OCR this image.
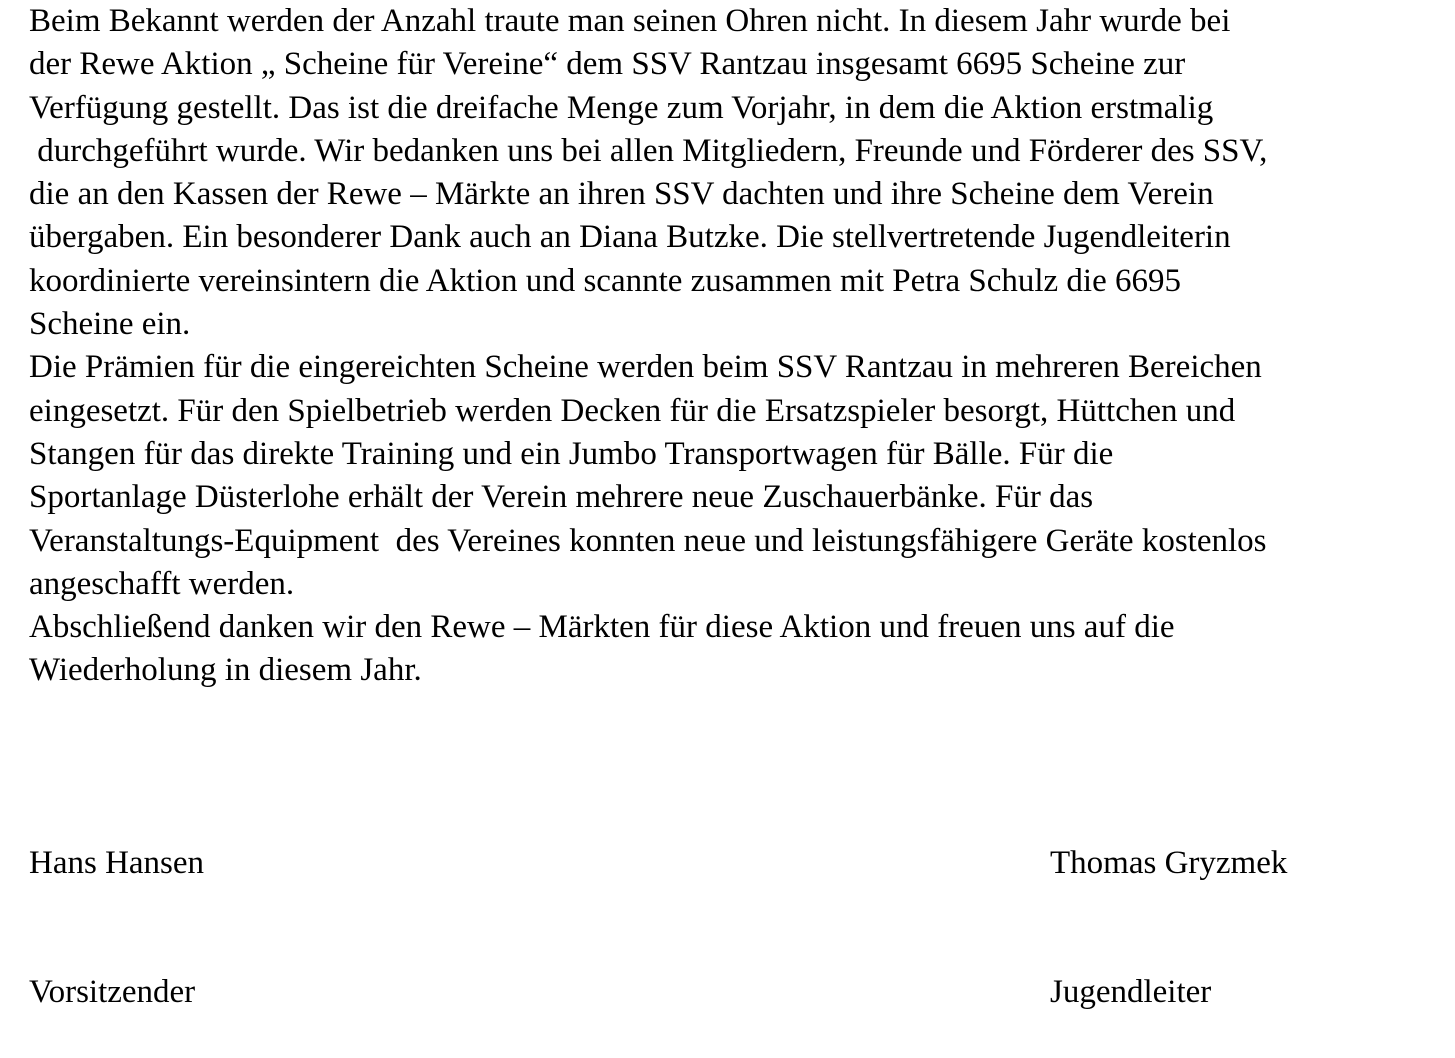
Beim Bekannt werden der Anzahl traute man seinen Ohren nicht. In diesem Jahr wurde bei
der Rewe Aktion „ Scheine für Vereine“ dem SSV Rantzau insgesamt 6695 Scheine zur
Verfügung gestellt. Das ist die dreifache Menge zum Vorjahr, in dem die Aktion erstmalig
durchgeführt wurde. Wir bedanken uns bei allen Mitgliedern, Freunde und Förderer des SSV,
die an den Kassen der Rewe – Märkte an ihren SSV dachten und ihre Scheine dem Verein
übergaben. Ein besonderer Dank auch an Diana Butzke. Die stellvertretende Jugendleiterin
koordinierte vereinsintern die Aktion und scannte zusammen mit Petra Schulz die 6695
Scheine ein.
Die Prämien für die eingereichten Scheine werden beim SSV Rantzau in mehreren Bereichen
eingesetzt. Für den Spielbetrieb werden Decken für die Ersatzspieler besorgt, Hüttchen und
Stangen für das direkte Training und ein Jumbo Transportwagen für Bälle. Für die
Sportanlage Düsterlohe erhält der Verein mehrere neue Zuschauerbänke. Für das
Veranstaltungs-Equipment  des Vereines konnten neue und leistungsfähigere Geräte kostenlos
angeschafft werden.
Abschließend danken wir den Rewe – Märkten für diese Aktion und freuen uns auf die
Wiederholung in diesem Jahr.

Hans Hansen

Vorsitzender

Thomas Gryzmek

Jugendleiter
